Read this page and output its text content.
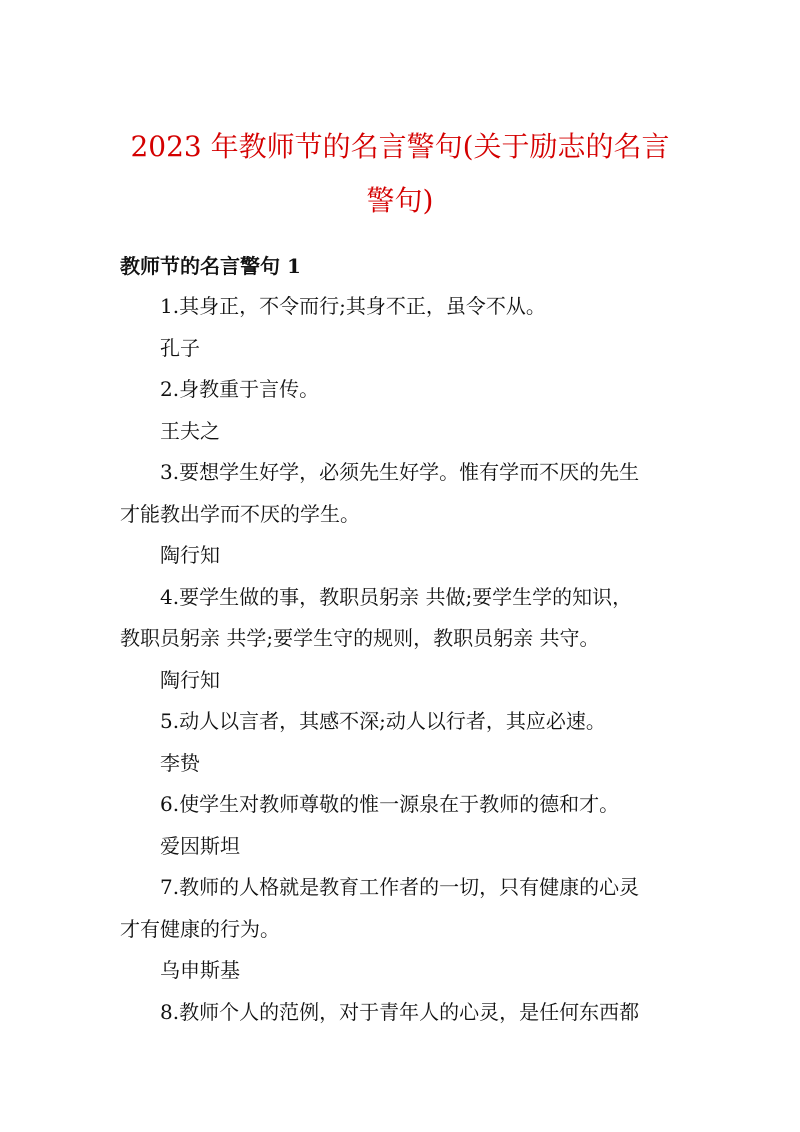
2023 年教师节的名言警句(关于励志的名言
警句)
教师节的名言警句 1
1.其身正，不令而行;其身不正，虽令不从。
孔子
2.身教重于言传。
王夫之
3.要想学生好学，必须先生好学。惟有学而不厌的先生
才能教出学而不厌的学生。
陶行知
4.要学生做的事，教职员躬亲 共做;要学生学的知识，
教职员躬亲 共学;要学生守的规则，教职员躬亲 共守。
陶行知
5.动人以言者，其感不深;动人以行者，其应必速。
李贽
6.使学生对教师尊敬的惟一源泉在于教师的德和才。
爱因斯坦
7.教师的人格就是教育工作者的一切，只有健康的心灵
才有健康的行为。
乌申斯基
8.教师个人的范例，对于青年人的心灵，是任何东西都
